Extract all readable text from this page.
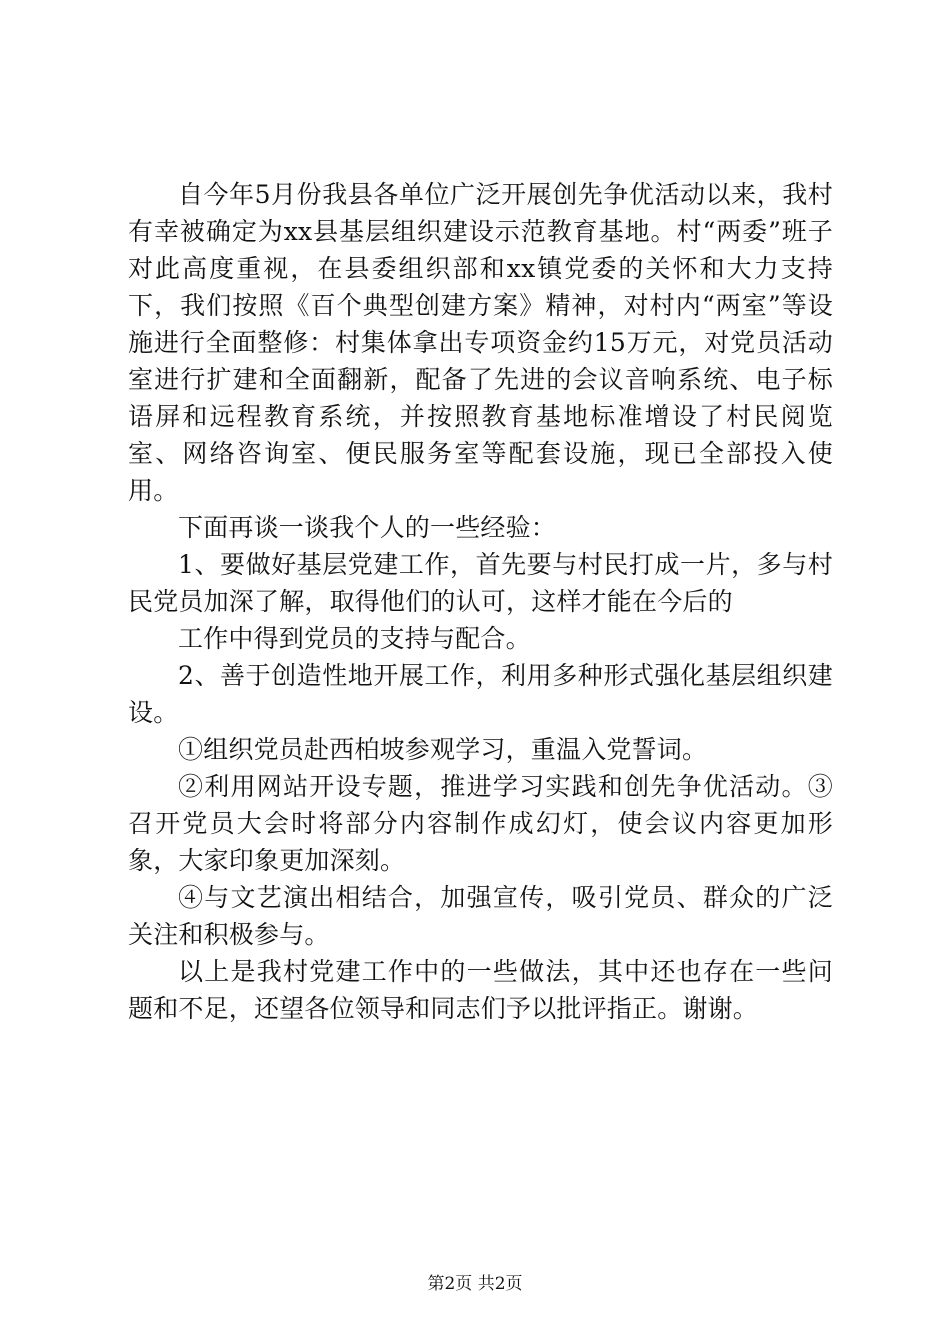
自今年5月份我县各单位广泛开展创先争优活动以来，我村有幸被确定为xx县基层组织建设示范教育基地。村“两委”班子对此高度重视，在县委组织部和xx镇党委的关怀和大力支持下，我们按照《百个典型创建方案》精神，对村内“两室”等设施进行全面整修：村集体拿出专项资金约15万元，对党员活动室进行扩建和全面翻新，配备了先进的会议音响系统、电子标语屏和远程教育系统，并按照教育基地标准增设了村民阅览室、网络咨询室、便民服务室等配套设施，现已全部投入使用。

下面再谈一谈我个人的一些经验：

1、要做好基层党建工作，首先要与村民打成一片，多与村民党员加深了解，取得他们的认可，这样才能在今后的

工作中得到党员的支持与配合。

2、善于创造性地开展工作，利用多种形式强化基层组织建设。

①组织党员赴西柏坡参观学习，重温入党誓词。

②利用网站开设专题，推进学习实践和创先争优活动。③召开党员大会时将部分内容制作成幻灯，使会议内容更加形象，大家印象更加深刻。

④与文艺演出相结合，加强宣传，吸引党员、群众的广泛关注和积极参与。

以上是我村党建工作中的一些做法，其中还也存在一些问题和不足，还望各位领导和同志们予以批评指正。谢谢。

第2页 共2页
